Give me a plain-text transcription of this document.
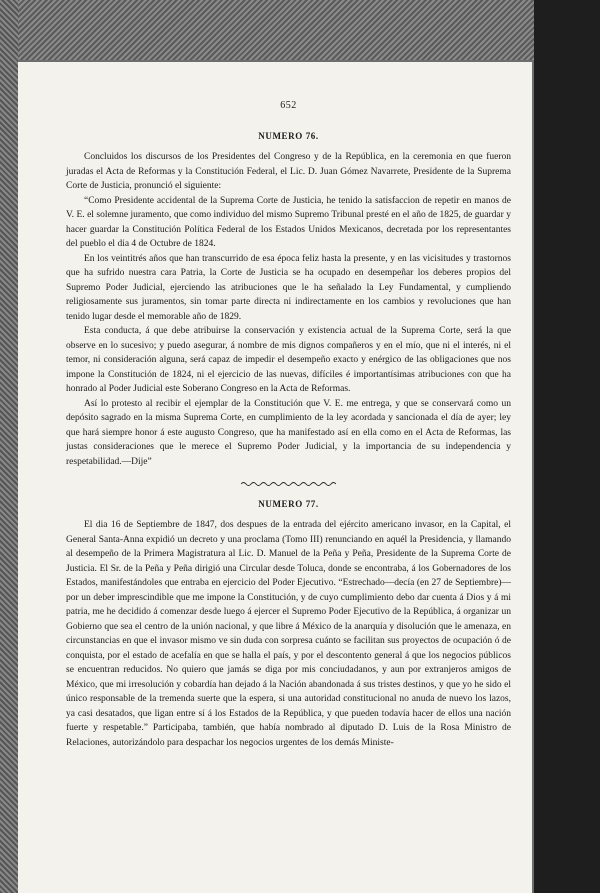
652
NUMERO 76.

Concluidos los discursos de los Presidentes del Congreso y de la República, en la ceremonia en que fueron juradas el Acta de Reformas y la Constitución Federal, el Lic. D. Juan Gómez Navarrete, Presidente de la Suprema Corte de Justicia, pronunció el siguiente:

“Como Presidente accidental de la Suprema Corte de Justicia, he tenido la satisfaccion de repetir en manos de V. E. el solemne juramento, que como individuo del mismo Supremo Tribunal presté en el año de 1825, de guardar y hacer guardar la Constitución Política Federal de los Estados Unidos Mexicanos, decretada por los representantes del pueblo el dia 4 de Octubre de 1824.

En los veintitrés años que han transcurrido de esa época feliz hasta la presente, y en las vicisitudes y trastornos que ha sufrido nuestra cara Patria, la Corte de Justicia se ha ocupado en desempeñar los deberes propios del Supremo Poder Judicial, ejerciendo las atribuciones que le ha señalado la Ley Fundamental, y cumpliendo religiosamente sus juramentos, sin tomar parte directa ni indirectamente en los cambios y revoluciones que han tenido lugar desde el memorable año de 1829.

Esta conducta, á que debe atribuirse la conservación y existencia actual de la Suprema Corte, será la que observe en lo sucesivo; y puedo asegurar, á nombre de mis dignos compañeros y en el mío, que ni el interés, ni el temor, ni consideración alguna, será capaz de impedir el desempeño exacto y enérgico de las obligaciones que nos impone la Constitución de 1824, ni el ejercicio de las nuevas, difíciles é importantísimas atribuciones con que ha honrado al Poder Judicial este Soberano Congreso en la Acta de Reformas.

Así lo protesto al recibir el ejemplar de la Constitución que V. E. me entrega, y que se conservará como un depósito sagrado en la misma Suprema Corte, en cumplimiento de la ley acordada y sancionada el día de ayer; ley que hará siempre honor á este augusto Congreso, que ha manifestado así en ella como en el Acta de Reformas, las justas consideraciones que le merece el Supremo Poder Judicial, y la importancia de su independencia y respetabilidad.—Dije”

NUMERO 77.

El dia 16 de Septiembre de 1847, dos despues de la entrada del ejército americano invasor, en la Capital, el General Santa-Anna expidió un decreto y una proclama (Tomo III) renunciando en aquél la Presidencia, y llamando al desempeño de la Primera Magistratura al Lic. D. Manuel de la Peña y Peña, Presidente de la Suprema Corte de Justicia. El Sr. de la Peña y Peña dirigió una Circular desde Toluca, donde se encontraba, á los Gobernadores de los Estados, manifestándoles que entraba en ejercicio del Poder Ejecutivo. “Estrechado—decía (en 27 de Septiembre)—por un deber imprescindible que me impone la Constitución, y de cuyo cumplimiento debo dar cuenta á Dios y á mi patria, me he decidido á comenzar desde luego á ejercer el Supremo Poder Ejecutivo de la República, á organizar un Gobierno que sea el centro de la unión nacional, y que libre á México de la anarquía y disolución que le amenaza, en circunstancias en que el invasor mismo ve sin duda con sorpresa cuánto se facilitan sus proyectos de ocupación ó de conquista, por el estado de acefalía en que se halla el país, y por el descontento general á que los negocios públicos se encuentran reducidos. No quiero que jamás se diga por mis conciudadanos, y aun por extranjeros amigos de México, que mi irresolución y cobardía han dejado á la Nación abandonada á sus tristes destinos, y que yo he sido el único responsable de la tremenda suerte que la espera, si una autoridad constitucional no anuda de nuevo los lazos, ya casi desatados, que ligan entre sí á los Estados de la República, y que pueden todavía hacer de ellos una nación fuerte y respetable.” Participaba, también, que había nombrado al diputado D. Luis de la Rosa Ministro de Relaciones, autorizándolo para despachar los negocios urgentes de los demás Ministe-
